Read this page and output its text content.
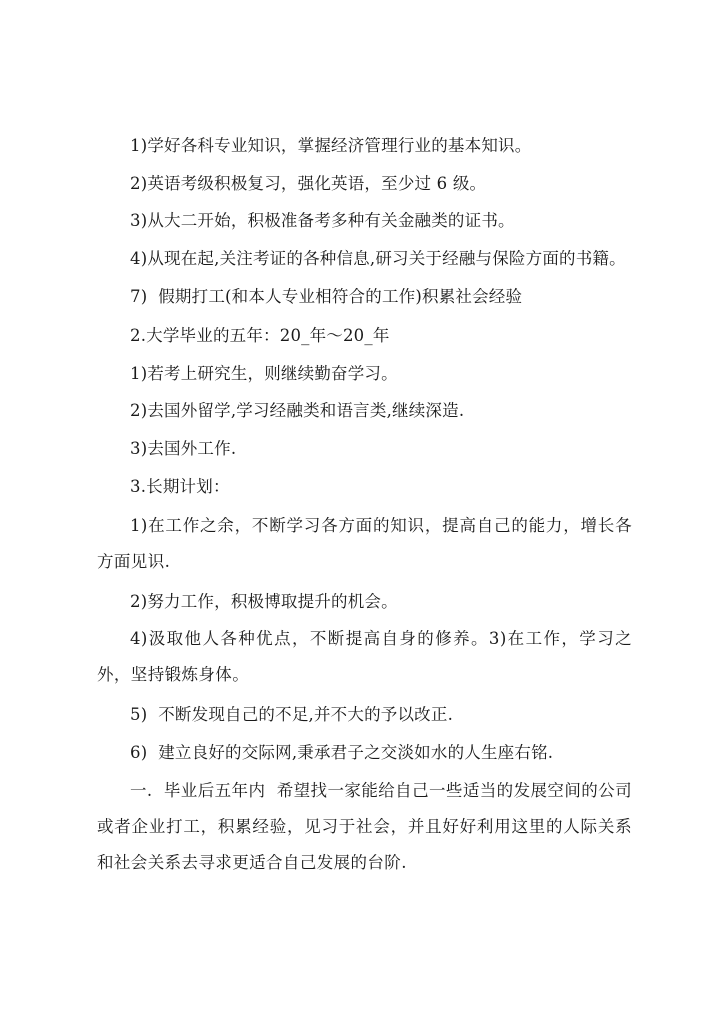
1)学好各科专业知识，掌握经济管理行业的基本知识。
2)英语考级积极复习，强化英语，至少过 6 级。
3)从大二开始，积极准备考多种有关金融类的证书。
4)从现在起,关注考证的各种信息,研习关于经融与保险方面的书籍。
7)  假期打工(和本人专业相符合的工作)积累社会经验
2.大学毕业的五年：20_年～20_年
1)若考上研究生，则继续勤奋学习。
2)去国外留学,学习经融类和语言类,继续深造.
3)去国外工作.
3.长期计划：
1)在工作之余，不断学习各方面的知识，提高自己的能力，增长各方面见识.
2)努力工作，积极博取提升的机会。
4)汲取他人各种优点，不断提高自身的修养。3)在工作，学习之外，坚持锻炼身体。
5)  不断发现自己的不足,并不大的予以改正.
6)  建立良好的交际网,秉承君子之交淡如水的人生座右铭.
一.  毕业后五年内  希望找一家能给自己一些适当的发展空间的公司或者企业打工，积累经验，见习于社会，并且好好利用这里的人际关系和社会关系去寻求更适合自己发展的台阶.
